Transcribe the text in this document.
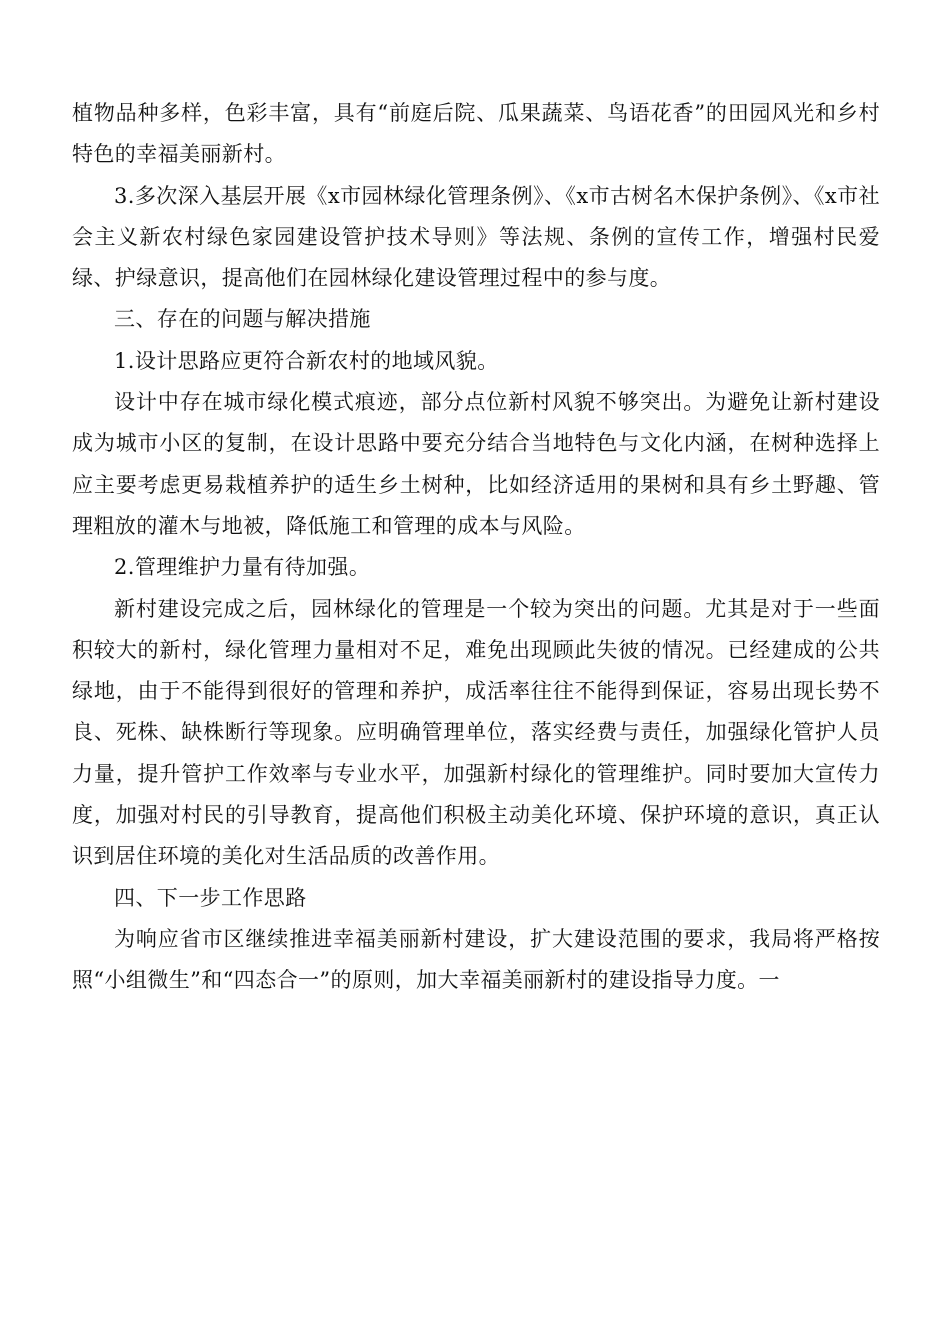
植物品种多样，色彩丰富，具有“前庭后院、瓜果蔬菜、鸟语花香”的田园风光和乡村特色的幸福美丽新村。

3.多次深入基层开展《x市园林绿化管理条例》、《x市古树名木保护条例》、《x市社会主义新农村绿色家园建设管护技术导则》等法规、条例的宣传工作，增强村民爱绿、护绿意识，提高他们在园林绿化建设管理过程中的参与度。

三、存在的问题与解决措施

1.设计思路应更符合新农村的地域风貌。

设计中存在城市绿化模式痕迹，部分点位新村风貌不够突出。为避免让新村建设成为城市小区的复制，在设计思路中要充分结合当地特色与文化内涵，在树种选择上应主要考虑更易栽植养护的适生乡土树种，比如经济适用的果树和具有乡土野趣、管理粗放的灌木与地被，降低施工和管理的成本与风险。

2.管理维护力量有待加强。

新村建设完成之后，园林绿化的管理是一个较为突出的问题。尤其是对于一些面积较大的新村，绿化管理力量相对不足，难免出现顾此失彼的情况。已经建成的公共绿地，由于不能得到很好的管理和养护，成活率往往不能得到保证，容易出现长势不良、死株、缺株断行等现象。应明确管理单位，落实经费与责任，加强绿化管护人员力量，提升管护工作效率与专业水平，加强新村绿化的管理维护。同时要加大宣传力度，加强对村民的引导教育，提高他们积极主动美化环境、保护环境的意识，真正认识到居住环境的美化对生活品质的改善作用。

四、下一步工作思路

为响应省市区继续推进幸福美丽新村建设，扩大建设范围的要求，我局将严格按照“小组微生”和“四态合一”的原则，加大幸福美丽新村的建设指导力度。一
